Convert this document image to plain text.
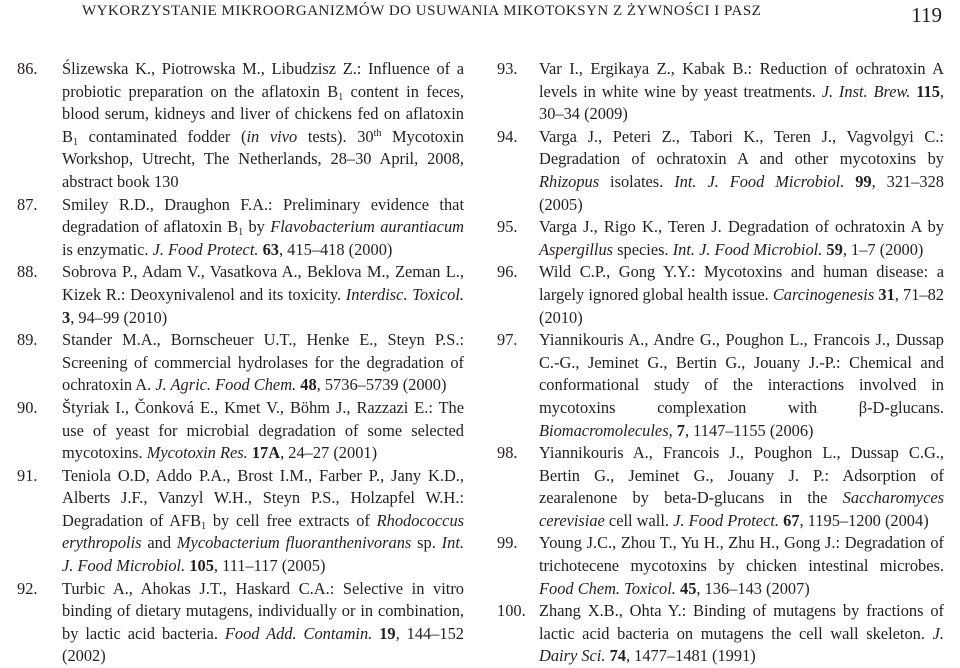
WYKORZYSTANIE MIKROORGANIZMÓW DO USUWANIA MIKOTOKSYN Z ŻYWNOŚCI I PASZ	119
86. Ślizewska K., Piotrowska M., Libudzisz Z.: Influence of a probiotic preparation on the aflatoxin $B_1$ content in feces, blood serum, kidneys and liver of chickens fed on aflatoxin $B_1$ contaminated fodder (in vivo tests). 30th Mycotoxin Workshop, Utrecht, The Netherlands, 28–30 April, 2008, abstract book 130
87. Smiley R.D., Draughon F.A.: Preliminary evidence that degradation of aflatoxin $B_1$ by Flavobacterium aurantiacum is enzymatic. J. Food Protect. 63, 415–418 (2000)
88. Sobrova P., Adam V., Vasatkova A., Beklova M., Zeman L., Kizek R.: Deoxynivalenol and its toxicity. Interdisc. Toxicol. 3, 94–99 (2010)
89. Stander M.A., Bornscheuer U.T., Henke E., Steyn P.S.: Screening of commercial hydrolases for the degradation of ochratoxin A. J. Agric. Food Chem. 48, 5736–5739 (2000)
90. Štyriak I., Čonková E., Kmet V., Böhm J., Razzazi E.: The use of yeast for microbial degradation of some selected mycotoxins. Mycotoxin Res. 17A, 24–27 (2001)
91. Teniola O.D, Addo P.A., Brost I.M., Farber P., Jany K.D., Alberts J.F., Vanzyl W.H., Steyn P.S., Holzapfel W.H.: Degradation of $AFB_1$ by cell free extracts of Rhodococcus erythropolis and Mycobacterium fluoranthenivorans sp. Int. J. Food Microbiol. 105, 111–117 (2005)
92. Turbic A., Ahokas J.T., Haskard C.A.: Selective in vitro binding of dietary mutagens, individually or in combination, by lactic acid bacteria. Food Add. Contamin. 19, 144–152 (2002)
93. Var I., Ergikaya Z., Kabak B.: Reduction of ochratoxin A levels in white wine by yeast treatments. J. Inst. Brew. 115, 30–34 (2009)
94. Varga J., Peteri Z., Tabori K., Teren J., Vagvolgyi C.: Degradation of ochratoxin A and other mycotoxins by Rhizopus isolates. Int. J. Food Microbiol. 99, 321–328 (2005)
95. Varga J., Rigo K., Teren J. Degradation of ochratoxin A by Aspergillus species. Int. J. Food Microbiol. 59, 1–7 (2000)
96. Wild C.P., Gong Y.Y.: Mycotoxins and human disease: a largely ignored global health issue. Carcinogenesis 31, 71–82 (2010)
97. Yiannikouris A., Andre G., Poughon L., Francois J., Dussap C.-G., Jeminet G., Bertin G., Jouany J.-P.: Chemical and conformational study of the interactions involved in mycotoxins complexation with β-D-glucans. Biomacromolecules, 7, 1147–1155 (2006)
98. Yiannikouris A., Francois J., Poughon L., Dussap C.G., Bertin G., Jeminet G., Jouany J. P.: Adsorption of zearalenone by beta-D-glucans in the Saccharomyces cerevisiae cell wall. J. Food Protect. 67, 1195–1200 (2004)
99. Young J.C., Zhou T., Yu H., Zhu H., Gong J.: Degradation of trichotecene mycotoxins by chicken intestinal microbes. Food Chem. Toxicol. 45, 136–143 (2007)
100. Zhang X.B., Ohta Y.: Binding of mutagens by fractions of lactic acid bacteria on mutagens the cell wall skeleton. J. Dairy Sci. 74, 1477–1481 (1991)
